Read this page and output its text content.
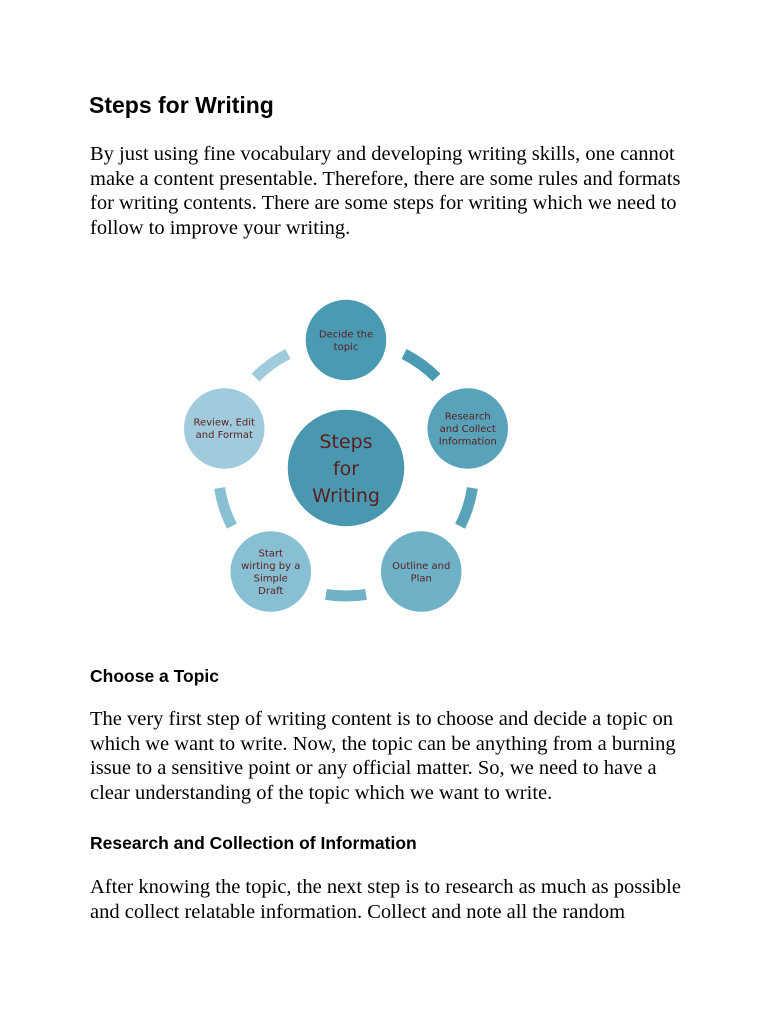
Steps for Writing
By just using fine vocabulary and developing writing skills, one cannot
make a content presentable. Therefore, there are some rules and formats
for writing contents. There are some steps for writing which we need to
follow to improve your writing.
Decide the
topic
Research
and Collect
Information
Outline and
Plan
Start
wirting by a
Simple
Draft
Review, Edit
and Format	Steps
for
Writing
Choose a Topic
The very first step of writing content is to choose and decide a topic on
which we want to write. Now, the topic can be anything from a burning
issue to a sensitive point or any official matter. So, we need to have a
clear understanding of the topic which we want to write.
Research and Collection of Information
After knowing the topic, the next step is to research as much as possible
and collect relatable information. Collect and note all the random
